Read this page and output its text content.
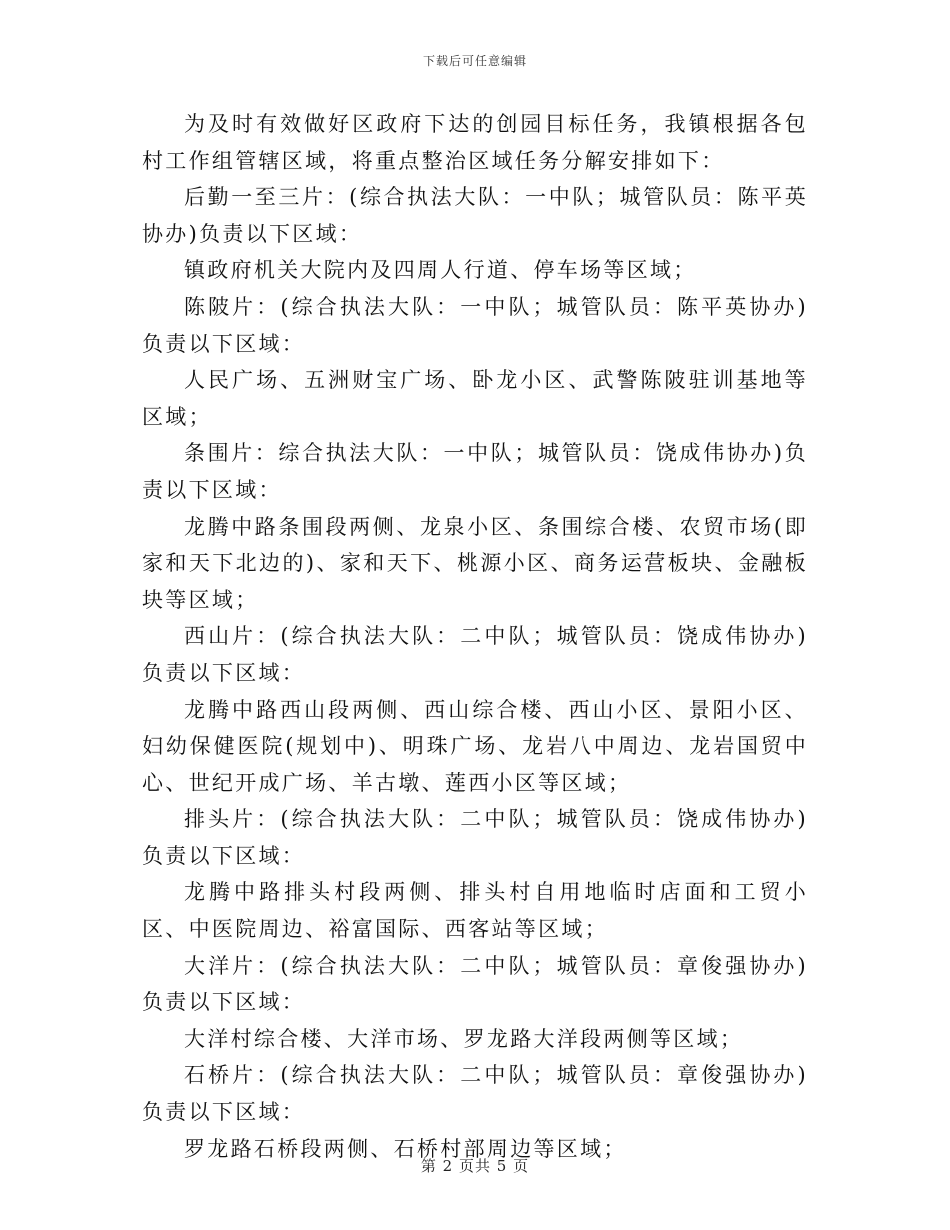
下载后可任意编辑

为及时有效做好区政府下达的创园目标任务，我镇根据各包村工作组管辖区域，将重点整治区域任务分解安排如下：

后勤一至三片：(综合执法大队：一中队；城管队员：陈平英协办)负责以下区域：

镇政府机关大院内及四周人行道、停车场等区域；

陈陂片：(综合执法大队：一中队；城管队员：陈平英协办)负责以下区域：

人民广场、五洲财宝广场、卧龙小区、武警陈陂驻训基地等区域；

条围片：综合执法大队：一中队；城管队员：饶成伟协办)负责以下区域：

龙腾中路条围段两侧、龙泉小区、条围综合楼、农贸市场(即家和天下北边的)、家和天下、桃源小区、商务运营板块、金融板块等区域；

西山片：(综合执法大队：二中队；城管队员：饶成伟协办)负责以下区域：

龙腾中路西山段两侧、西山综合楼、西山小区、景阳小区、妇幼保健医院(规划中)、明珠广场、龙岩八中周边、龙岩国贸中心、世纪开成广场、羊古墩、莲西小区等区域；

排头片：(综合执法大队：二中队；城管队员：饶成伟协办)负责以下区域：

龙腾中路排头村段两侧、排头村自用地临时店面和工贸小区、中医院周边、裕富国际、西客站等区域；

大洋片：(综合执法大队：二中队；城管队员：章俊强协办)负责以下区域：

大洋村综合楼、大洋市场、罗龙路大洋段两侧等区域；

石桥片：(综合执法大队：二中队；城管队员：章俊强协办)负责以下区域：

罗龙路石桥段两侧、石桥村部周边等区域；

第 2 页共 5 页
